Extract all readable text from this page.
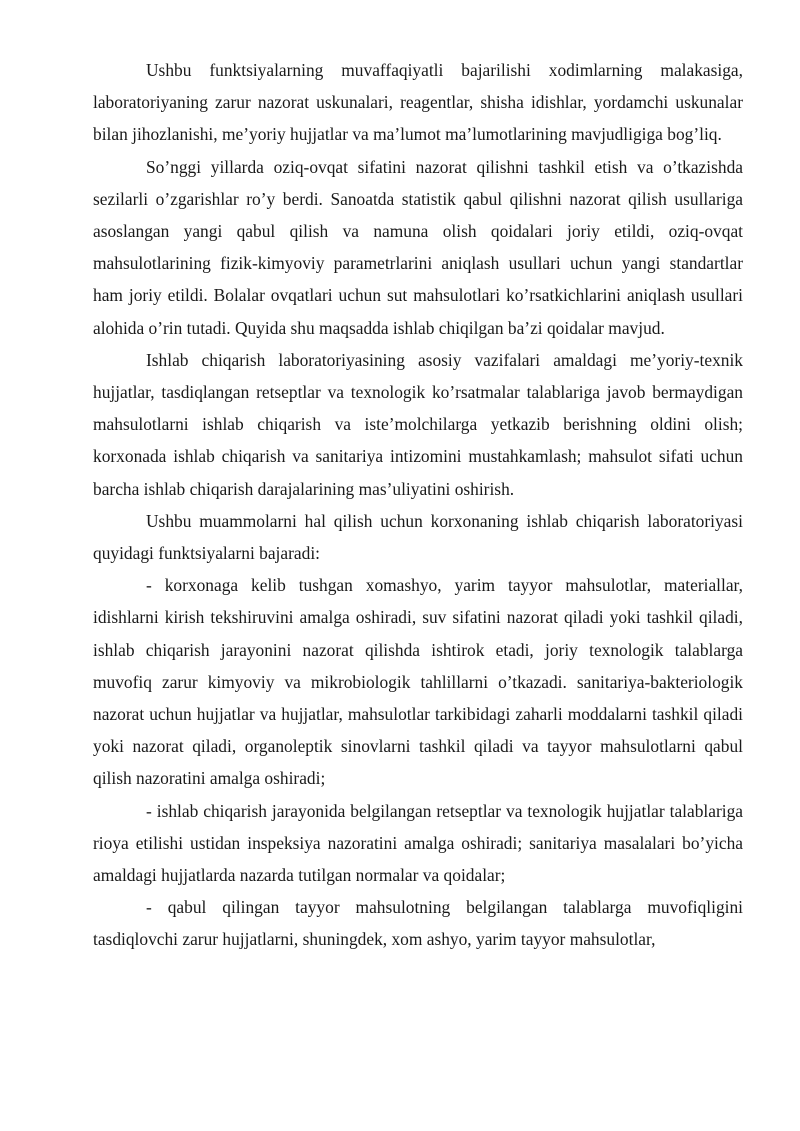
Ushbu funktsiyalarning muvaffaqiyatli bajarilishi xodimlarning malakasiga, laboratoriyaning zarur nazorat uskunalari, reagentlar, shisha idishlar, yordamchi uskunalar bilan jihozlanishi, me’yoriy hujjatlar va ma’lumot ma’lumotlarining mavjudligiga bog’liq.

So’nggi yillarda oziq-ovqat sifatini nazorat qilishni tashkil etish va o’tkazishda sezilarli o’zgarishlar ro’y berdi. Sanoatda statistik qabul qilishni nazorat qilish usullariga asoslangan yangi qabul qilish va namuna olish qoidalari joriy etildi, oziq-ovqat mahsulotlarining fizik-kimyoviy parametrlarini aniqlash usullari uchun yangi standartlar ham joriy etildi. Bolalar ovqatlari uchun sut mahsulotlari ko’rsatkichlarini aniqlash usullari alohida o’rin tutadi. Quyida shu maqsadda ishlab chiqilgan ba’zi qoidalar mavjud.

Ishlab chiqarish laboratoriyasining asosiy vazifalari amaldagi me’yoriy-texnik hujjatlar, tasdiqlangan retseptlar va texnologik ko’rsatmalar talablariga javob bermaydigan mahsulotlarni ishlab chiqarish va iste’molchilarga yetkazib berishning oldini olish; korxonada ishlab chiqarish va sanitariya intizomini mustahkamlash; mahsulot sifati uchun barcha ishlab chiqarish darajalarining mas’uliyatini oshirish.

Ushbu muammolarni hal qilish uchun korxonaning ishlab chiqarish laboratoriyasi quyidagi funktsiyalarni bajaradi:

- korxonaga kelib tushgan xomashyo, yarim tayyor mahsulotlar, materiallar, idishlarni kirish tekshiruvini amalga oshiradi, suv sifatini nazorat qiladi yoki tashkil qiladi, ishlab chiqarish jarayonini nazorat qilishda ishtirok etadi, joriy texnologik talablarga muvofiq zarur kimyoviy va mikrobiologik tahlillarni o’tkazadi. sanitariya-bakteriologik nazorat uchun hujjatlar va hujjatlar, mahsulotlar tarkibidagi zaharli moddalarni tashkil qiladi yoki nazorat qiladi, organoleptik sinovlarni tashkil qiladi va tayyor mahsulotlarni qabul qilish nazoratini amalga oshiradi;

- ishlab chiqarish jarayonida belgilangan retseptlar va texnologik hujjatlar talablariga rioya etilishi ustidan inspeksiya nazoratini amalga oshiradi; sanitariya masalalari bo’yicha amaldagi hujjatlarda nazarda tutilgan normalar va qoidalar;

- qabul qilingan tayyor mahsulotning belgilangan talablarga muvofiqligini tasdiqlovchi zarur hujjatlarni, shuningdek, xom ashyo, yarim tayyor mahsulotlar,
